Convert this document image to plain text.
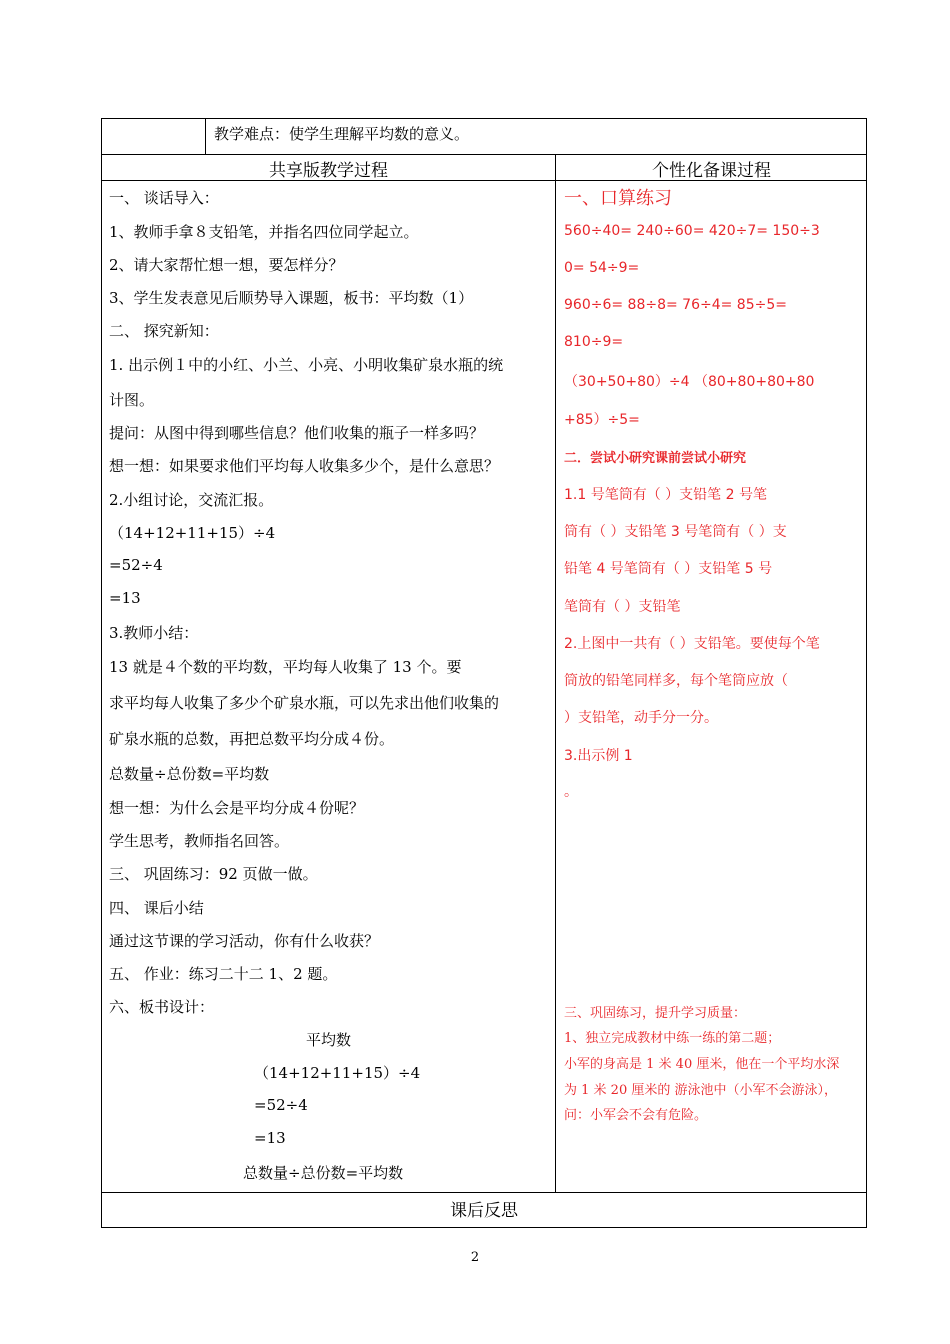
教学难点：使学生理解平均数的意义。
共享版教学过程	个性化备课过程
一、 谈话导入：
1、教师手拿８支铅笔，并指名四位同学起立。
2、请大家帮忙想一想，要怎样分？
3、学生发表意见后顺势导入课题，板书：平均数（1）
二、 探究新知：
1. 出示例１中的小红、小兰、小亮、小明收集矿泉水瓶的统
计图。
提问：从图中得到哪些信息？他们收集的瓶子一样多吗？
想一想：如果要求他们平均每人收集多少个，是什么意思？
2.小组讨论，交流汇报。
（14+12+11+15）÷4
=52÷4
=13
3.教师小结：
13 就是４个数的平均数，平均每人收集了 13 个。要
求平均每人收集了多少个矿泉水瓶，可以先求出他们收集的
矿泉水瓶的总数，再把总数平均分成４份。
总数量÷总份数=平均数
想一想：为什么会是平均分成４份呢？
学生思考，教师指名回答。
三、 巩固练习：92 页做一做。
四、 课后小结
通过这节课的学习活动，你有什么收获？
五、 作业：练习二十二 1、2 题。
六、板书设计：
平均数
（14+12+11+15）÷4
=52÷4
=13
总数量÷总份数=平均数
一、口算练习
560÷40= 240÷60= 420÷7= 150÷3
0= 54÷9=
960÷6= 88÷8= 76÷4= 85÷5=
810÷9=
（30+50+80）÷4 （80+80+80+80
+85）÷5=
二．尝试小研究课前尝试小研究
1.1 号笔筒有（ ）支铅笔 2 号笔
筒有（ ）支铅笔 3 号笔筒有（ ）支
铅笔 4 号笔筒有（ ）支铅笔 5 号
笔筒有（ ）支铅笔
2.上图中一共有（ ）支铅笔。要使每个笔
筒放的铅笔同样多，每个笔筒应放（
）支铅笔，动手分一分。
3.出示例 1
。
三、巩固练习，提升学习质量：
1、独立完成教材中练一练的第二题；
小军的身高是 1 米 40 厘米，他在一个平均水深
为 1 米 20 厘米的 游泳池中（小军不会游泳），
问：小军会不会有危险。
课后反思
2
